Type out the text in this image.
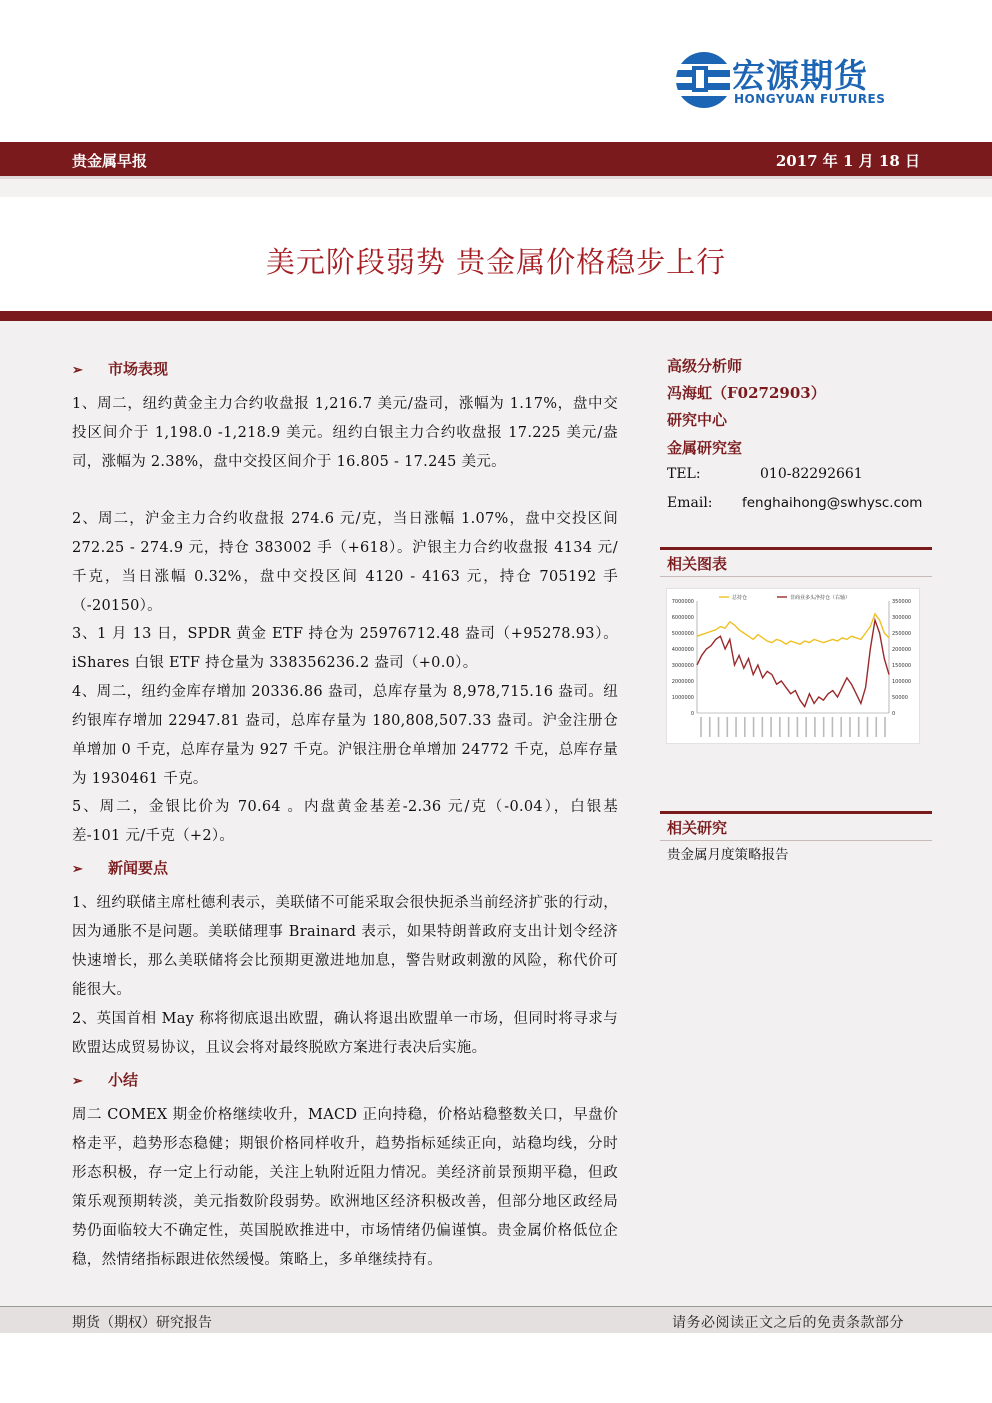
宏源期货
HONGYUAN FUTURES
贵金属早报	2017 年 1 月 18 日
美元阶段弱势 贵金属价格稳步上行
➢ 市场表现
1、周二，纽约黄金主力合约收盘报 1,216.7 美元/盎司，涨幅为 1.17%，盘中交投区间介于 1,198.0 -1,218.9 美元。纽约白银主力合约收盘报 17.225 美元/盎司，涨幅为 2.38%，盘中交投区间介于 16.805 - 17.245 美元。
2、周二，沪金主力合约收盘报 274.6 元/克，当日涨幅 1.07%，盘中交投区间 272.25 - 274.9 元，持仓 383002 手（+618）。沪银主力合约收盘报 4134 元/千克，当日涨幅 0.32%，盘中交投区间 4120 - 4163 元，持仓 705192 手（-20150）。
3、1 月 13 日，SPDR 黄金 ETF 持仓为 25976712.48 盎司（+95278.93）。iShares 白银 ETF 持仓量为 338356236.2 盎司（+0.0）。
4、周二，纽约金库存增加 20336.86 盎司，总库存量为 8,978,715.16 盎司。纽约银库存增加 22947.81 盎司，总库存量为 180,808,507.33 盎司。沪金注册仓单增加 0 千克，总库存量为 927 千克。沪银注册仓单增加 24772 千克，总库存量为 1930461 千克。
5、周二，金银比价为 70.64 。内盘黄金基差-2.36 元/克（-0.04），白银基差-101 元/千克（+2）。
➢ 新闻要点
1、纽约联储主席杜德利表示，美联储不可能采取会很快扼杀当前经济扩张的行动，因为通胀不是问题。美联储理事 Brainard 表示，如果特朗普政府支出计划令经济快速增长，那么美联储将会比预期更激进地加息，警告财政刺激的风险，称代价可能很大。
2、英国首相 May 称将彻底退出欧盟，确认将退出欧盟单一市场，但同时将寻求与欧盟达成贸易协议，且议会将对最终脱欧方案进行表决后实施。
➢ 小结
周二 COMEX 期金价格继续收升，MACD 正向持稳，价格站稳整数关口，早盘价格走平，趋势形态稳健；期银价格同样收升，趋势指标延续正向，站稳均线，分时形态积极，存一定上行动能，关注上轨附近阻力情况。美经济前景预期平稳，但政策乐观预期转淡，美元指数阶段弱势。欧洲地区经济积极改善，但部分地区政经局势仍面临较大不确定性，英国脱欧推进中，市场情绪仍偏谨慎。贵金属价格低位企稳，然情绪指标跟进依然缓慢。策略上，多单继续持有。
高级分析师
冯海虹（F0272903）
研究中心
金属研究室
TEL:	010-82292661
Email: fenghaihong@swhysc.com
相关图表
7000000
6000000
5000000
4000000
3000000
2000000
1000000
0
350000
300000
250000
200000
150000
100000
50000
0
总持仓	非商业多头净持仓（右轴）
相关研究
贵金属月度策略报告
期货（期权）研究报告	请务必阅读正文之后的免责条款部分
